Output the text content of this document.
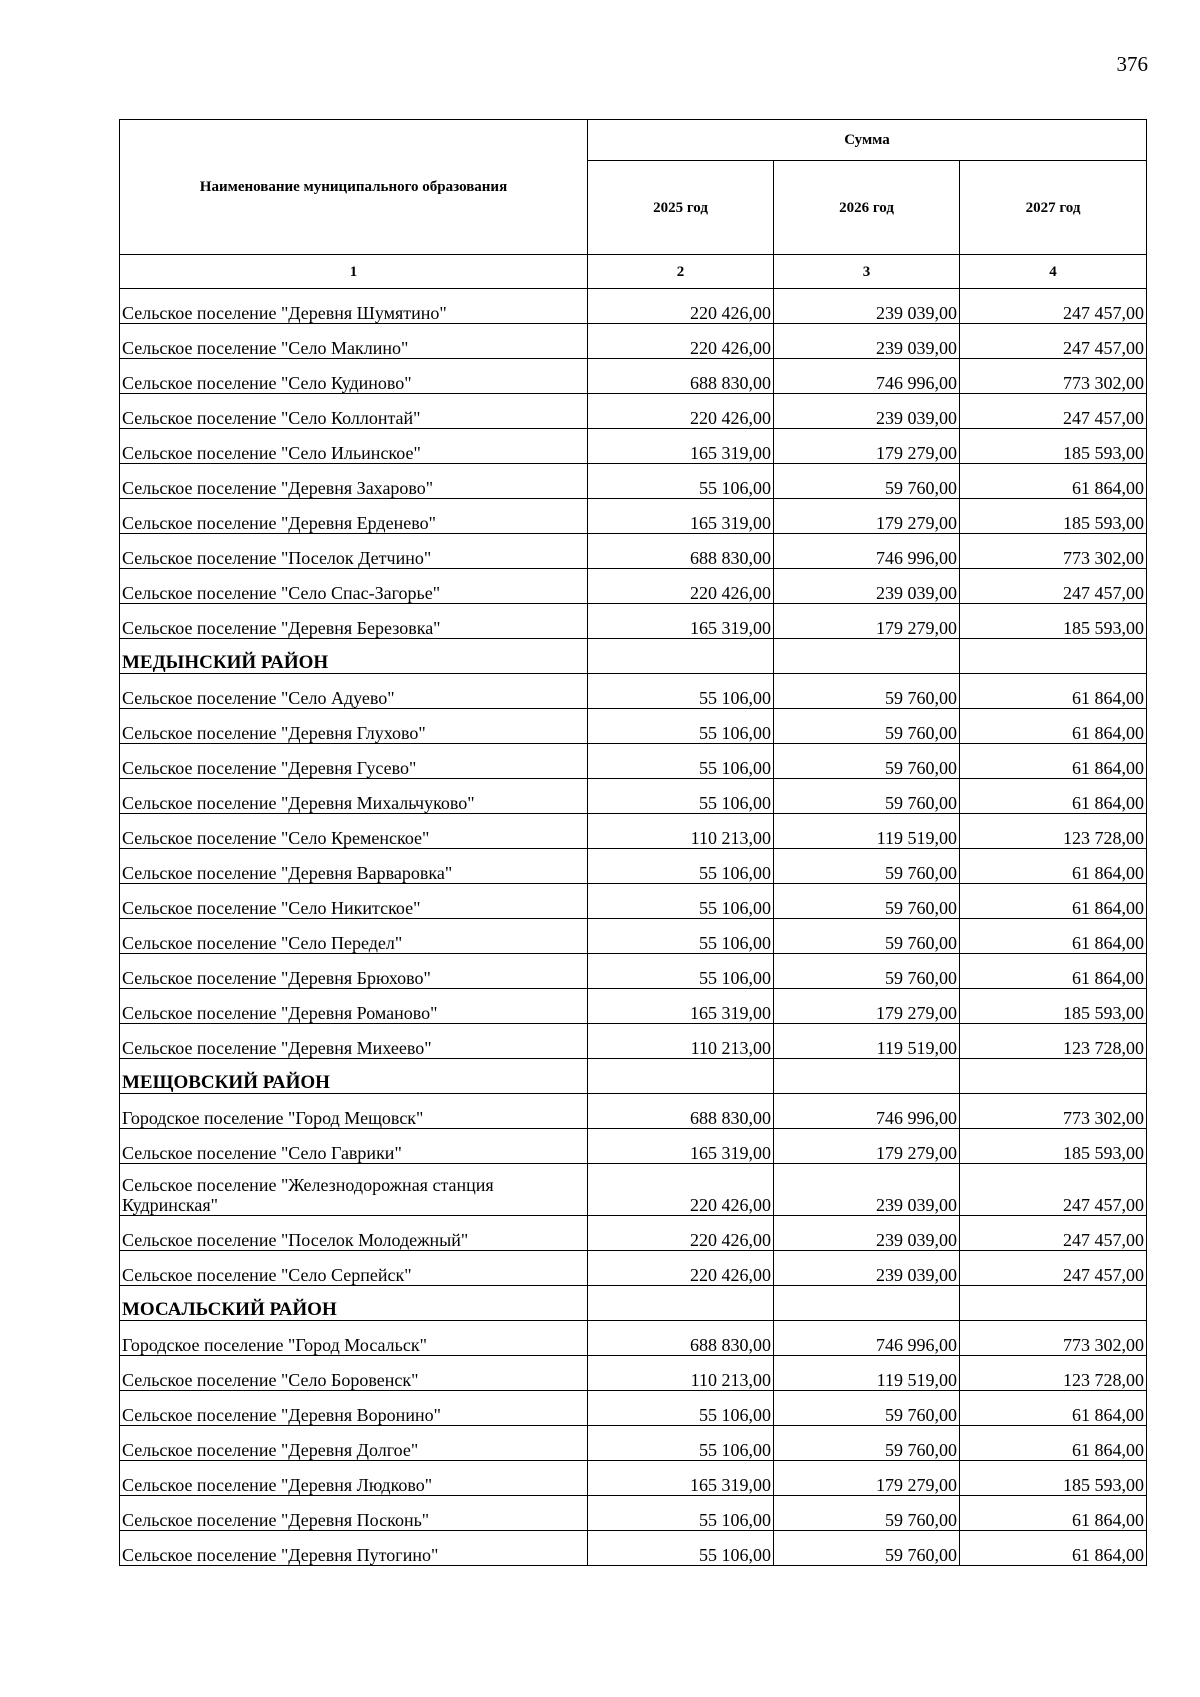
376
Наименование муниципального образования	Сумма		
	2025 год	2026 год	2027 год
1	2	3	4
Сельское поселение "Деревня Шумятино"	220 426,00	239 039,00	247 457,00
Сельское поселение "Село Маклино"	220 426,00	239 039,00	247 457,00
Сельское поселение "Село Кудиново"	688 830,00	746 996,00	773 302,00
Сельское поселение "Село Коллонтай"	220 426,00	239 039,00	247 457,00
Сельское поселение "Село Ильинское"	165 319,00	179 279,00	185 593,00
Сельское поселение "Деревня Захарово"	55 106,00	59 760,00	61 864,00
Сельское поселение "Деревня Ерденево"	165 319,00	179 279,00	185 593,00
Сельское поселение "Поселок Детчино"	688 830,00	746 996,00	773 302,00
Сельское поселение "Село Спас-Загорье"	220 426,00	239 039,00	247 457,00
Сельское поселение "Деревня Березовка"	165 319,00	179 279,00	185 593,00
МЕДЫНСКИЙ РАЙОН			
Сельское поселение "Село Адуево"	55 106,00	59 760,00	61 864,00
Сельское поселение "Деревня Глухово"	55 106,00	59 760,00	61 864,00
Сельское поселение "Деревня Гусево"	55 106,00	59 760,00	61 864,00
Сельское поселение "Деревня Михальчуково"	55 106,00	59 760,00	61 864,00
Сельское поселение "Село Кременское"	110 213,00	119 519,00	123 728,00
Сельское поселение "Деревня Варваровка"	55 106,00	59 760,00	61 864,00
Сельское поселение "Село Никитское"	55 106,00	59 760,00	61 864,00
Сельское поселение "Село Передел"	55 106,00	59 760,00	61 864,00
Сельское поселение "Деревня Брюхово"	55 106,00	59 760,00	61 864,00
Сельское поселение "Деревня Романово"	165 319,00	179 279,00	185 593,00
Сельское поселение "Деревня Михеево"	110 213,00	119 519,00	123 728,00
МЕЩОВСКИЙ РАЙОН			
Городское поселение "Город Мещовск"	688 830,00	746 996,00	773 302,00
Сельское поселение "Село Гаврики"	165 319,00	179 279,00	185 593,00
Сельское поселение "Железнодорожная станция Кудринская"	220 426,00	239 039,00	247 457,00
Сельское поселение "Поселок Молодежный"	220 426,00	239 039,00	247 457,00
Сельское поселение "Село Серпейск"	220 426,00	239 039,00	247 457,00
МОСАЛЬСКИЙ РАЙОН			
Городское поселение "Город Мосальск"	688 830,00	746 996,00	773 302,00
Сельское поселение "Село Боровенск"	110 213,00	119 519,00	123 728,00
Сельское поселение "Деревня Воронино"	55 106,00	59 760,00	61 864,00
Сельское поселение "Деревня Долгое"	55 106,00	59 760,00	61 864,00
Сельское поселение "Деревня Людково"	165 319,00	179 279,00	185 593,00
Сельское поселение "Деревня Посконь"	55 106,00	59 760,00	61 864,00
Сельское поселение "Деревня Путогино"	55 106,00	59 760,00	61 864,00
